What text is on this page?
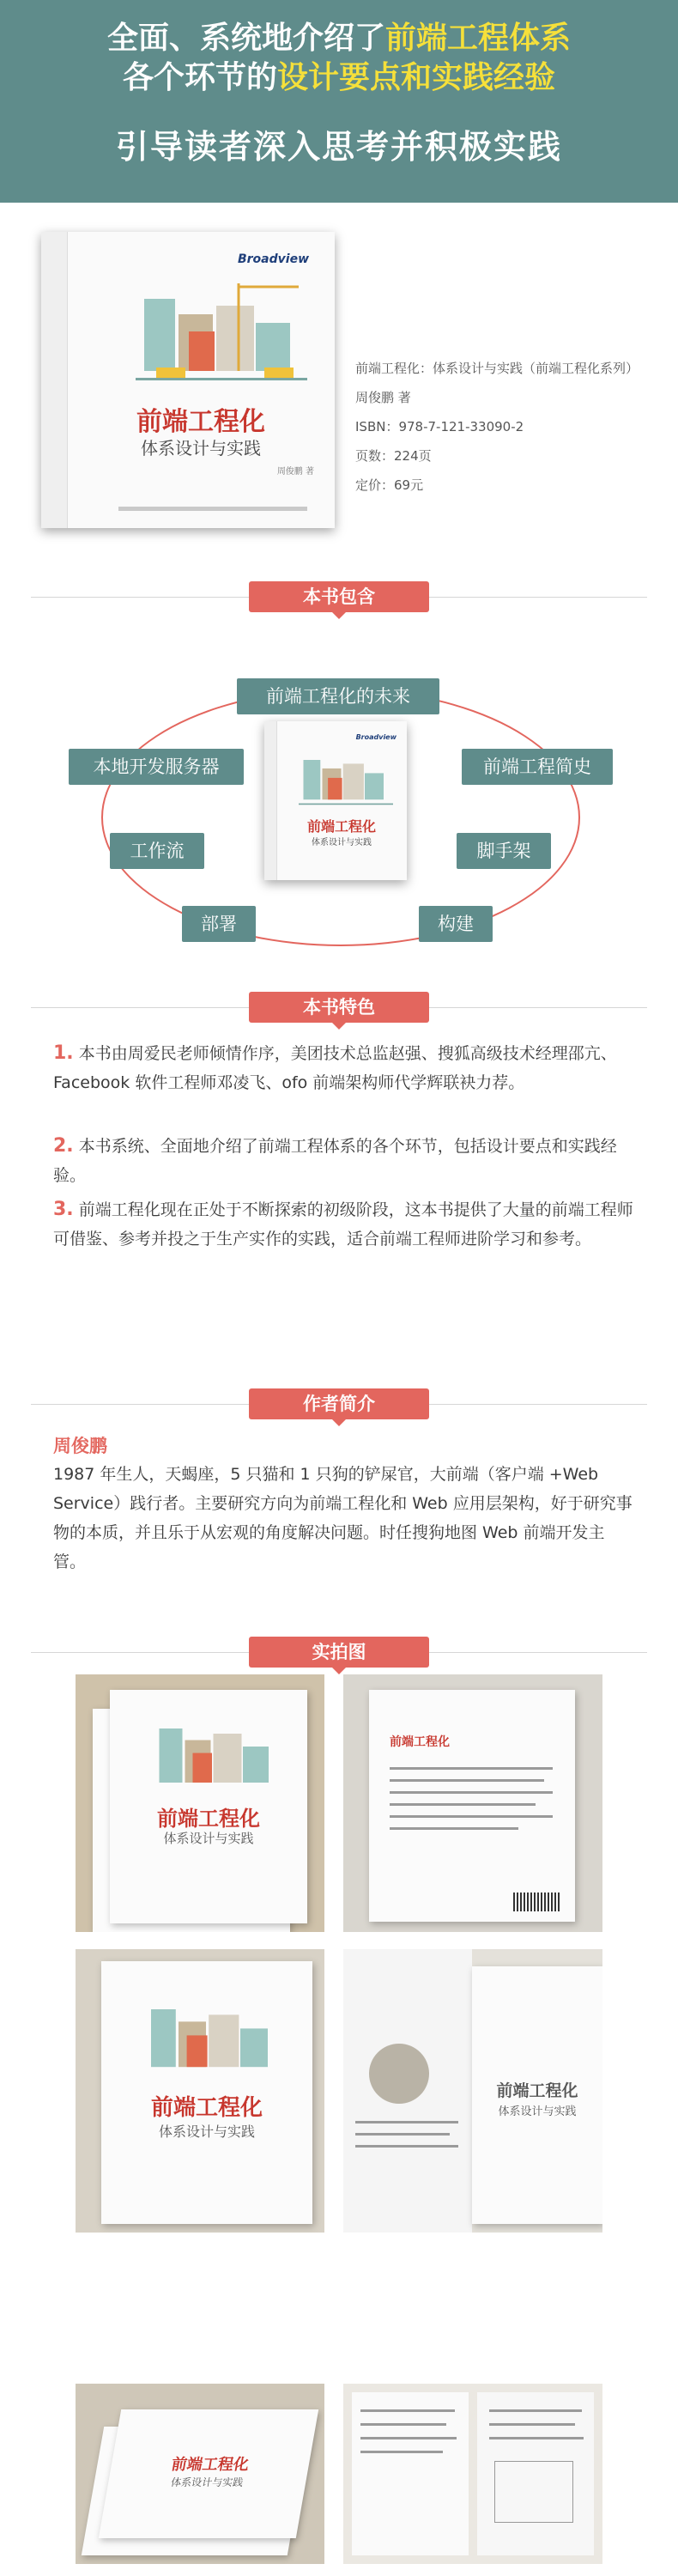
全面、系统地介绍了前端工程体系
各个环节的设计要点和实践经验
引导读者深入思考并积极实践
Broadview
前端工程化
体系设计与实践
周俊鹏 著
前端工程化：体系设计与实践（前端工程化系列）
周俊鹏 著
ISBN：978-7-121-33090-2
页数：224页
定价：69元
本书包含
Broadview
前端工程化
体系设计与实践
前端工程化的未来
前端工程简史
本地开发服务器
脚手架
工作流
构建
部署
本书特色
1. 本书由周爱民老师倾情作序，美团技术总监赵强、搜狐高级技术经理邵亢、Facebook 软件工程师邓凌飞、ofo 前端架构师代学辉联袂力荐。
2. 本书系统、全面地介绍了前端工程体系的各个环节，包括设计要点和实践经验。
3. 前端工程化现在正处于不断探索的初级阶段，这本书提供了大量的前端工程师可借鉴、参考并投之于生产实作的实践，适合前端工程师进阶学习和参考。
作者简介
周俊鹏
1987 年生人，天蝎座，5 只猫和 1 只狗的铲屎官，大前端（客户端 +Web Service）践行者。主要研究方向为前端工程化和 Web 应用层架构，好于研究事物的本质，并且乐于从宏观的角度解决问题。时任搜狗地图 Web 前端开发主管。
实拍图
前端工程化
体系设计与实践
前端工程化
前端工程化
体系设计与实践
前端工程化
体系设计与实践
前端工程化
体系设计与实践
